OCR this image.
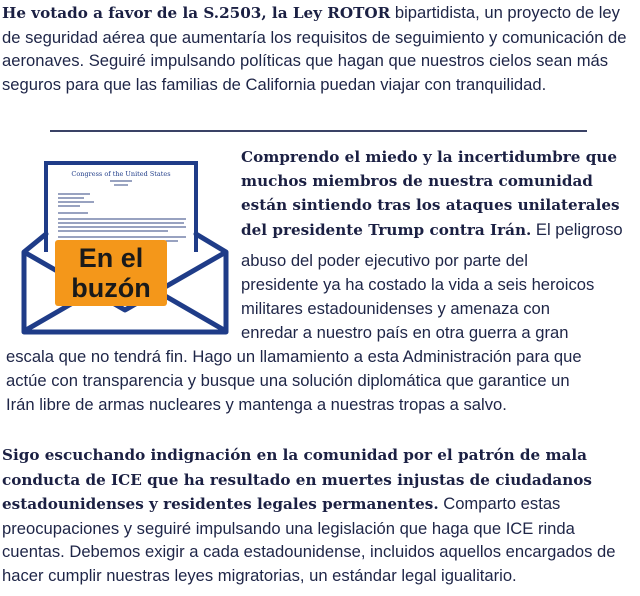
He votado a favor de la S.2503, la Ley ROTOR bipartidista, un proyecto de ley de seguridad aérea que aumentaría los requisitos de seguimiento y comunicación de aeronaves. Seguiré impulsando políticas que hagan que nuestros cielos sean más seguros para que las familias de California puedan viajar con tranquilidad.

Congress of the United States
En el
buzón

Comprendo el miedo y la incertidumbre que

muchos miembros de nuestra comunidad

están sintiendo tras los ataques unilaterales

del presidente Trump contra Irán. El peligroso

abuso del poder ejecutivo por parte del

presidente ya ha costado la vida a seis heroicos

militares estadounidenses y amenaza con

enredar a nuestro país en otra guerra a gran

escala que no tendrá fin. Hago un llamamiento a esta Administración para que

actúe con transparencia y busque una solución diplomática que garantice un

Irán libre de armas nucleares y mantenga a nuestras tropas a salvo.

Sigo escuchando indignación en la comunidad por el patrón de mala conducta de ICE que ha resultado en muertes injustas de ciudadanos estadounidenses y residentes legales permanentes. Comparto estas preocupaciones y seguiré impulsando una legislación que haga que ICE rinda cuentas. Debemos exigir a cada estadounidense, incluidos aquellos encargados de hacer cumplir nuestras leyes migratorias, un estándar legal igualitario.
